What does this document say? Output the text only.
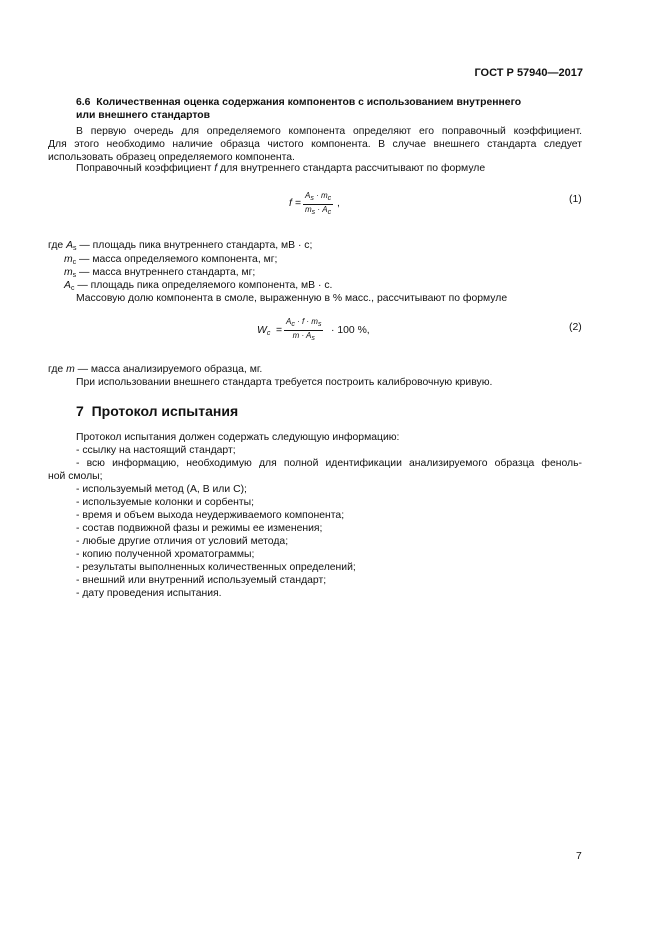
ГОСТ Р 57940—2017
6.6 Количественная оценка содержания компонентов с использованием внутреннего
или внешнего стандартов
В первую очередь для определяемого компонента определяют его поправочный коэффициент.
Для этого необходимо наличие образца чистого компонента. В случае внешнего стандарта следует
использовать образец определяемого компонента.
Поправочный коэффициент f для внутреннего стандарта рассчитывают по формуле
f =
As · mc
ms · Ac
,	(1)
где $A_s$ — площадь пика внутреннего стандарта, мВ · с;
$m_c$ — масса определяемого компонента, мг;
$m_s$ — масса внутреннего стандарта, мг;
$A_c$ — площадь пика определяемого компонента, мВ · с.
Массовую долю компонента в смоле, выраженную в % масс., рассчитывают по формуле
$W_c$ =
Ac · f · ms
m · As
· 100 %,	(2)
где m — масса анализируемого образца, мг.
При использовании внешнего стандарта требуется построить калибровочную кривую.
7 Протокол испытания
Протокол испытания должен содержать следующую информацию:
- ссылку на настоящий стандарт;
- всю информацию, необходимую для полной идентификации анализируемого образца феноль-
ной смолы;
- используемый метод (A, B или C);
- используемые колонки и сорбенты;
- время и объем выхода неудерживаемого компонента;
- состав подвижной фазы и режимы ее изменения;
- любые другие отличия от условий метода;
- копию полученной хроматограммы;
- результаты выполненных количественных определений;
- внешний или внутренний используемый стандарт;
- дату проведения испытания.
7
